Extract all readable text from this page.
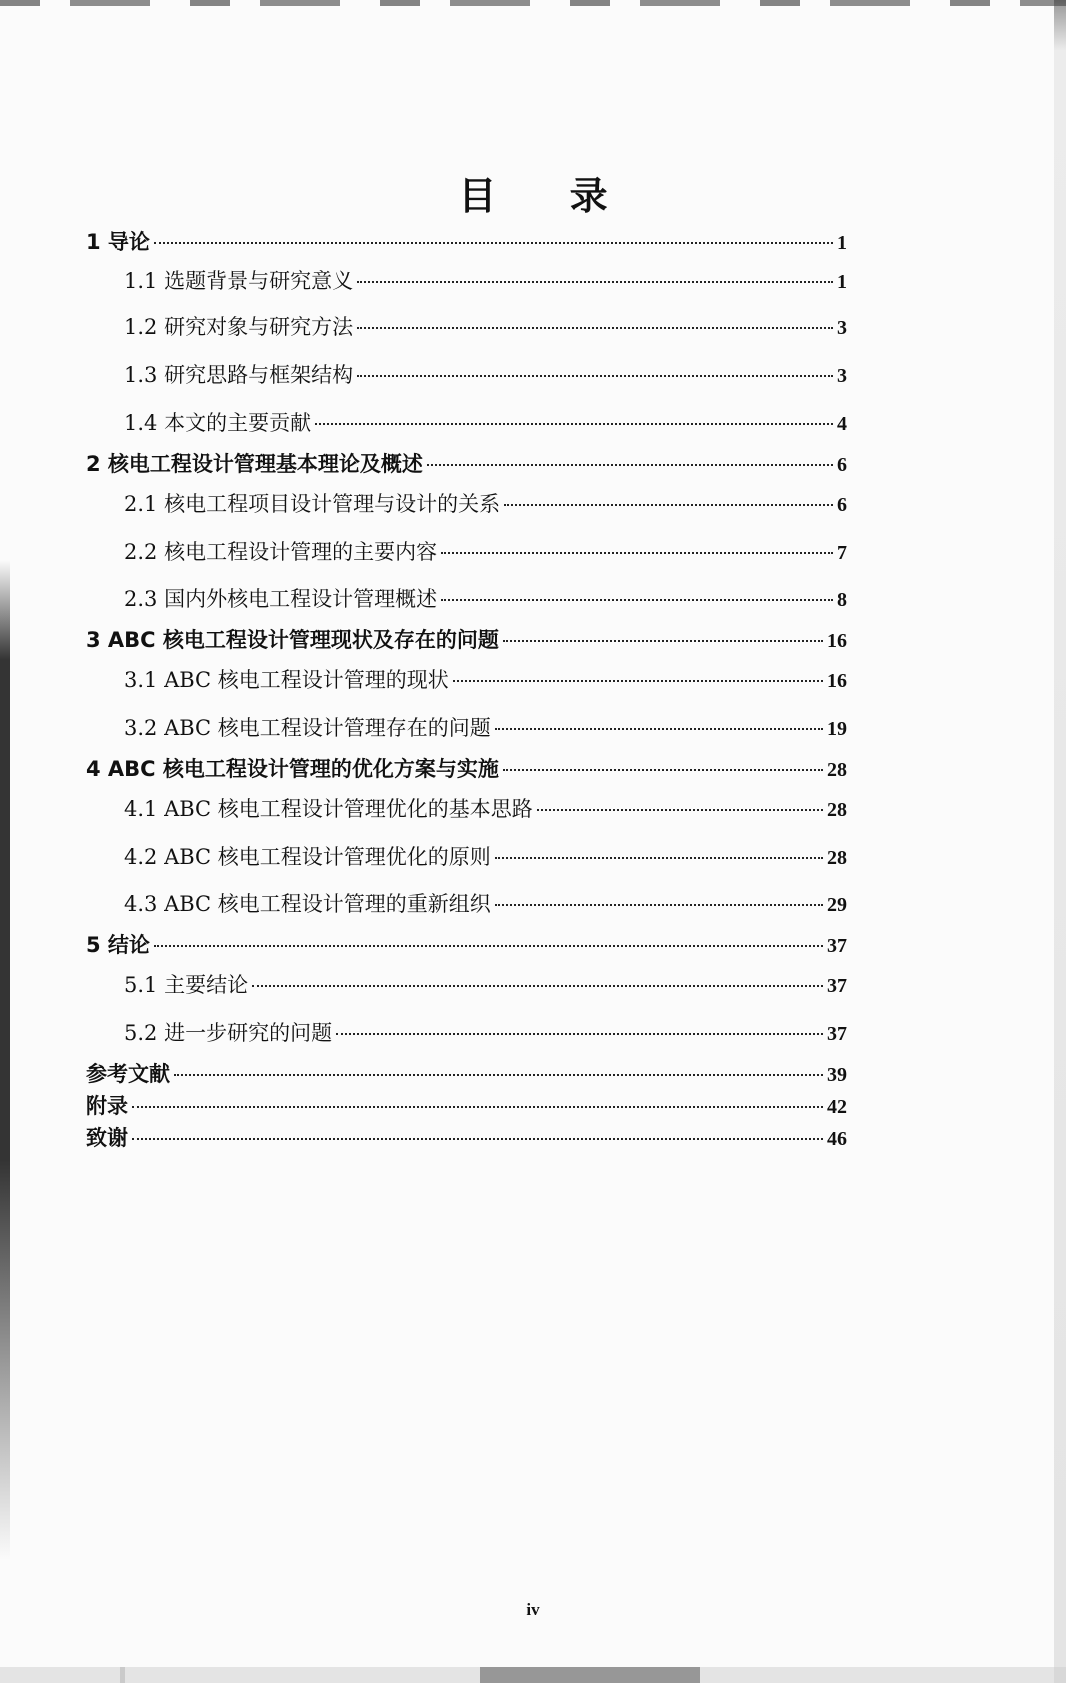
目 录
1 导论	1
1.1 选题背景与研究意义	1
1.2 研究对象与研究方法	3
1.3 研究思路与框架结构	3
1.4 本文的主要贡献	4
2 核电工程设计管理基本理论及概述	6
2.1 核电工程项目设计管理与设计的关系	6
2.2 核电工程设计管理的主要内容	7
2.3 国内外核电工程设计管理概述	8
3 ABC 核电工程设计管理现状及存在的问题	16
3.1 ABC 核电工程设计管理的现状	16
3.2 ABC 核电工程设计管理存在的问题	19
4 ABC 核电工程设计管理的优化方案与实施	28
4.1 ABC 核电工程设计管理优化的基本思路	28
4.2 ABC 核电工程设计管理优化的原则	28
4.3 ABC 核电工程设计管理的重新组织	29
5 结论	37
5.1 主要结论	37
5.2 进一步研究的问题	37
参考文献	39
附录	42
致谢	46
iv
